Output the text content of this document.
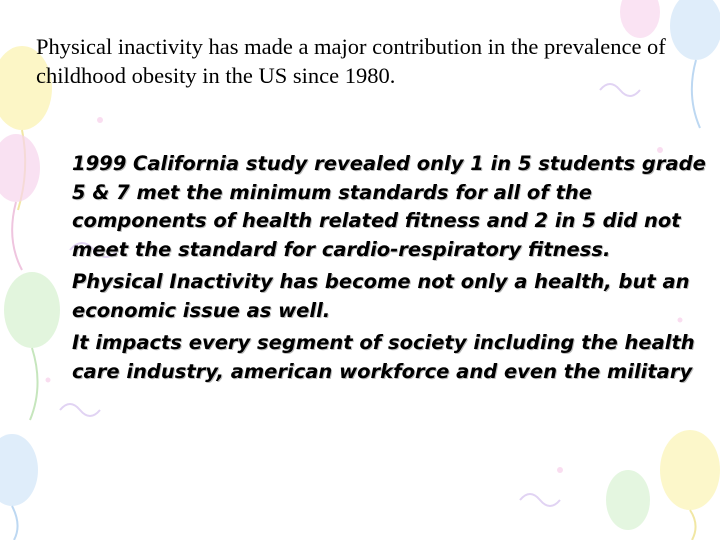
Physical inactivity has made a major contribution in the prevalence of childhood obesity in the US since 1980.
1999 California study revealed only 1 in 5 students grade 5 & 7 met the minimum standards for all of the components of health related fitness and 2 in 5 did not meet the standard for cardio-respiratory fitness.
Physical Inactivity has become not only a health, but an economic issue as well.
It impacts every segment of society including the health care industry, american workforce and even the military
